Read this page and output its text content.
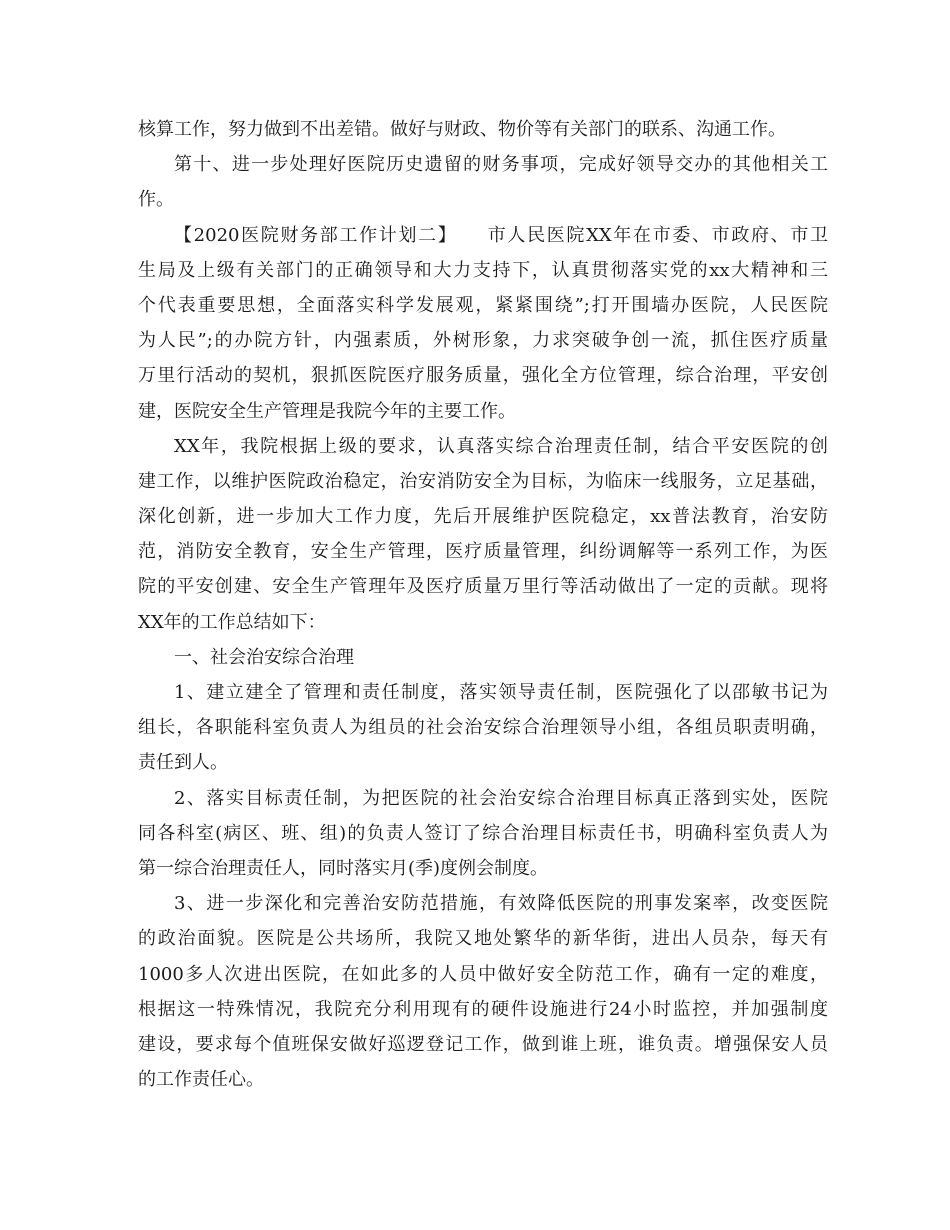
核算工作，努力做到不出差错。做好与财政、物价等有关部门的联系、沟通工作。
第十、进一步处理好医院历史遗留的财务事项，完成好领导交办的其他相关工
作。
【2020医院财务部工作计划二】　　市人民医院XX年在市委、市政府、市卫
生局及上级有关部门的正确领导和大力支持下，认真贯彻落实党的xx大精神和三
个代表重要思想，全面落实科学发展观，紧紧围绕”;打开围墙办医院，人民医院
为人民”;的办院方针，内强素质，外树形象，力求突破争创一流，抓住医疗质量
万里行活动的契机，狠抓医院医疗服务质量，强化全方位管理，综合治理，平安创
建，医院安全生产管理是我院今年的主要工作。
XX年，我院根据上级的要求，认真落实综合治理责任制，结合平安医院的创
建工作，以维护医院政治稳定，治安消防安全为目标，为临床一线服务，立足基础，
深化创新，进一步加大工作力度，先后开展维护医院稳定，xx普法教育，治安防
范，消防安全教育，安全生产管理，医疗质量管理，纠纷调解等一系列工作，为医
院的平安创建、安全生产管理年及医疗质量万里行等活动做出了一定的贡献。现将
XX年的工作总结如下：
一、社会治安综合治理
1、建立建全了管理和责任制度，落实领导责任制，医院强化了以邵敏书记为
组长，各职能科室负责人为组员的社会治安综合治理领导小组，各组员职责明确，
责任到人。
2、落实目标责任制，为把医院的社会治安综合治理目标真正落到实处，医院
同各科室(病区、班、组)的负责人签订了综合治理目标责任书，明确科室负责人为
第一综合治理责任人，同时落实月(季)度例会制度。
3、进一步深化和完善治安防范措施，有效降低医院的刑事发案率，改变医院
的政治面貌。医院是公共场所，我院又地处繁华的新华街，进出人员杂，每天有
1000多人次进出医院，在如此多的人员中做好安全防范工作，确有一定的难度，
根据这一特殊情况，我院充分利用现有的硬件设施进行24小时监控，并加强制度
建设，要求每个值班保安做好巡逻登记工作，做到谁上班，谁负责。增强保安人员
的工作责任心。
